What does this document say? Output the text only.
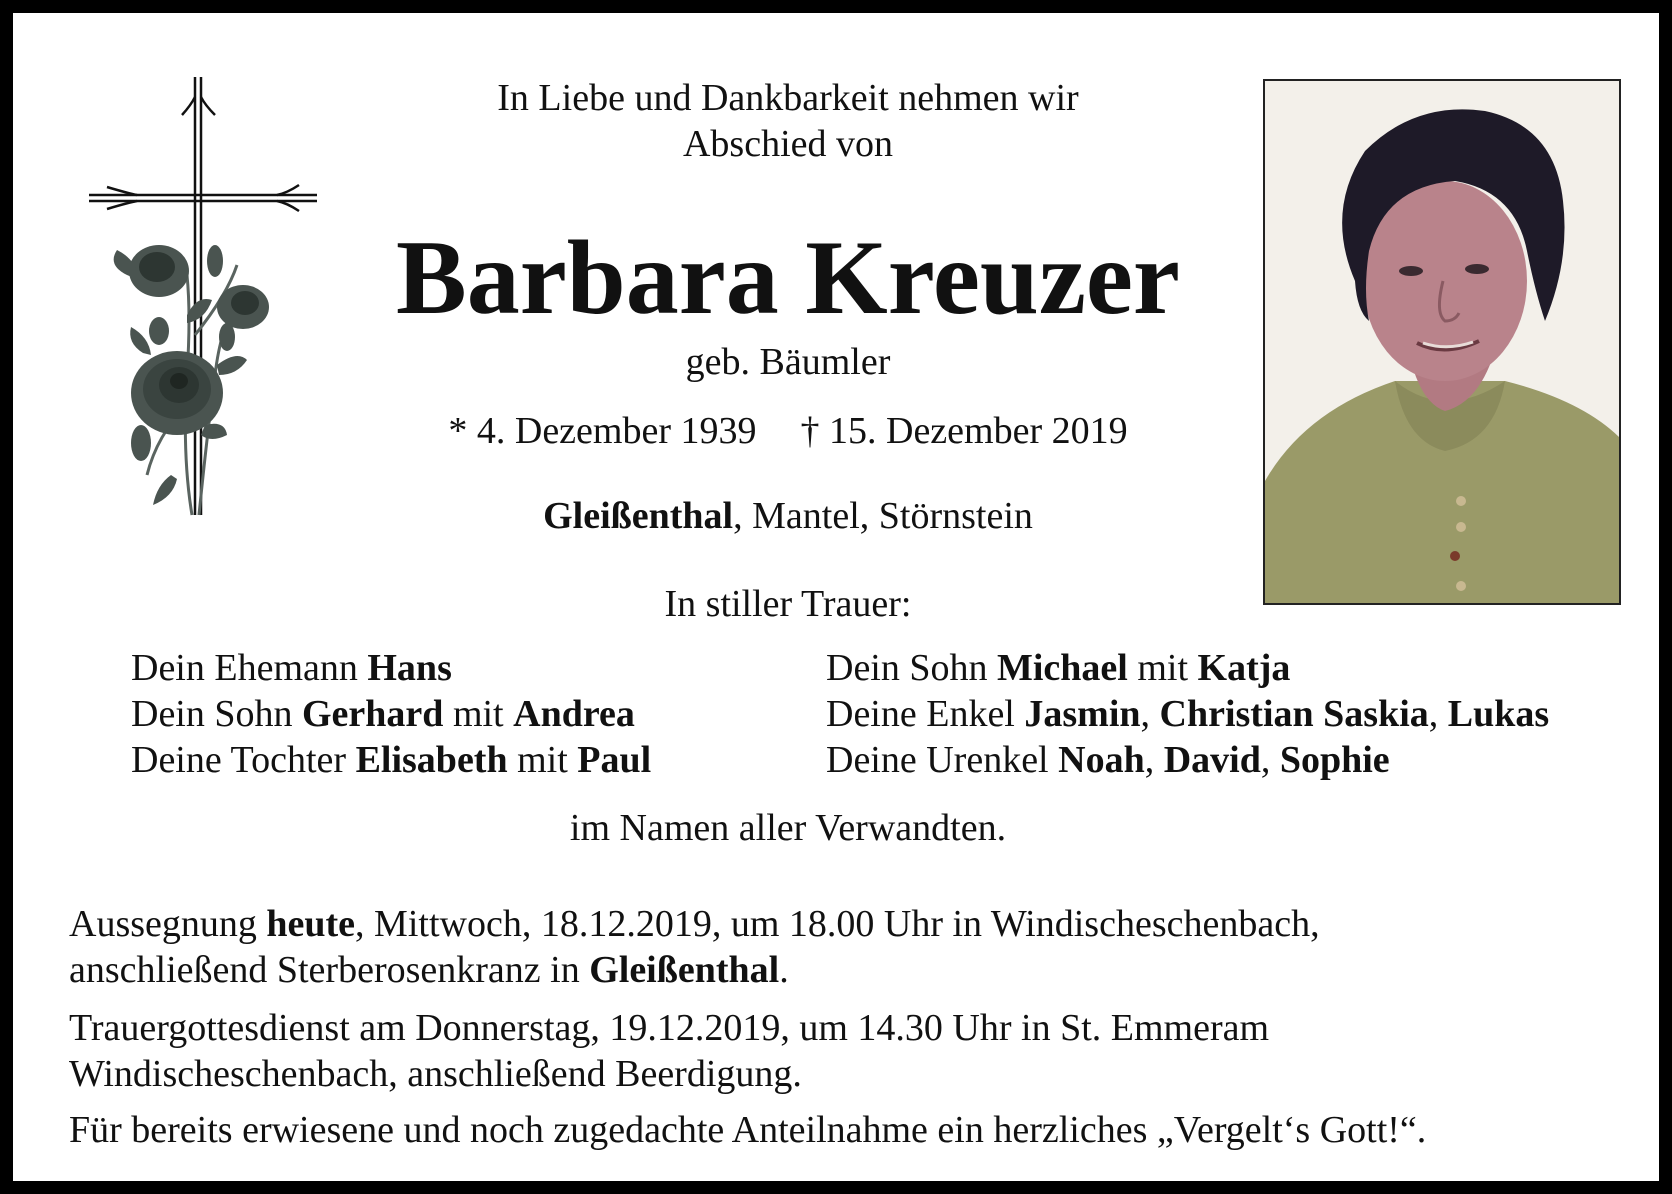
In Liebe und Dankbarkeit nehmen wir
Abschied von
Barbara Kreuzer
geb. Bäumler
* 4. Dezember 1939 † 15. Dezember 2019
Gleißenthal, Mantel, Störnstein
In stiller Trauer:
Dein Ehemann Hans
Dein Sohn Gerhard mit Andrea
Deine Tochter Elisabeth mit Paul
Dein Sohn Michael mit Katja
Deine Enkel Jasmin, Christian Saskia, Lukas
Deine Urenkel Noah, David, Sophie
im Namen aller Verwandten.
Aussegnung heute, Mittwoch, 18.12.2019, um 18.00 Uhr in Windischeschenbach,
anschließend Sterberosenkranz in Gleißenthal.
Trauergottesdienst am Donnerstag, 19.12.2019, um 14.30 Uhr in St. Emmeram
Windischeschenbach, anschließend Beerdigung.
Für bereits erwiesene und noch zugedachte Anteilnahme ein herzliches „Vergelt‘s Gott!“.
